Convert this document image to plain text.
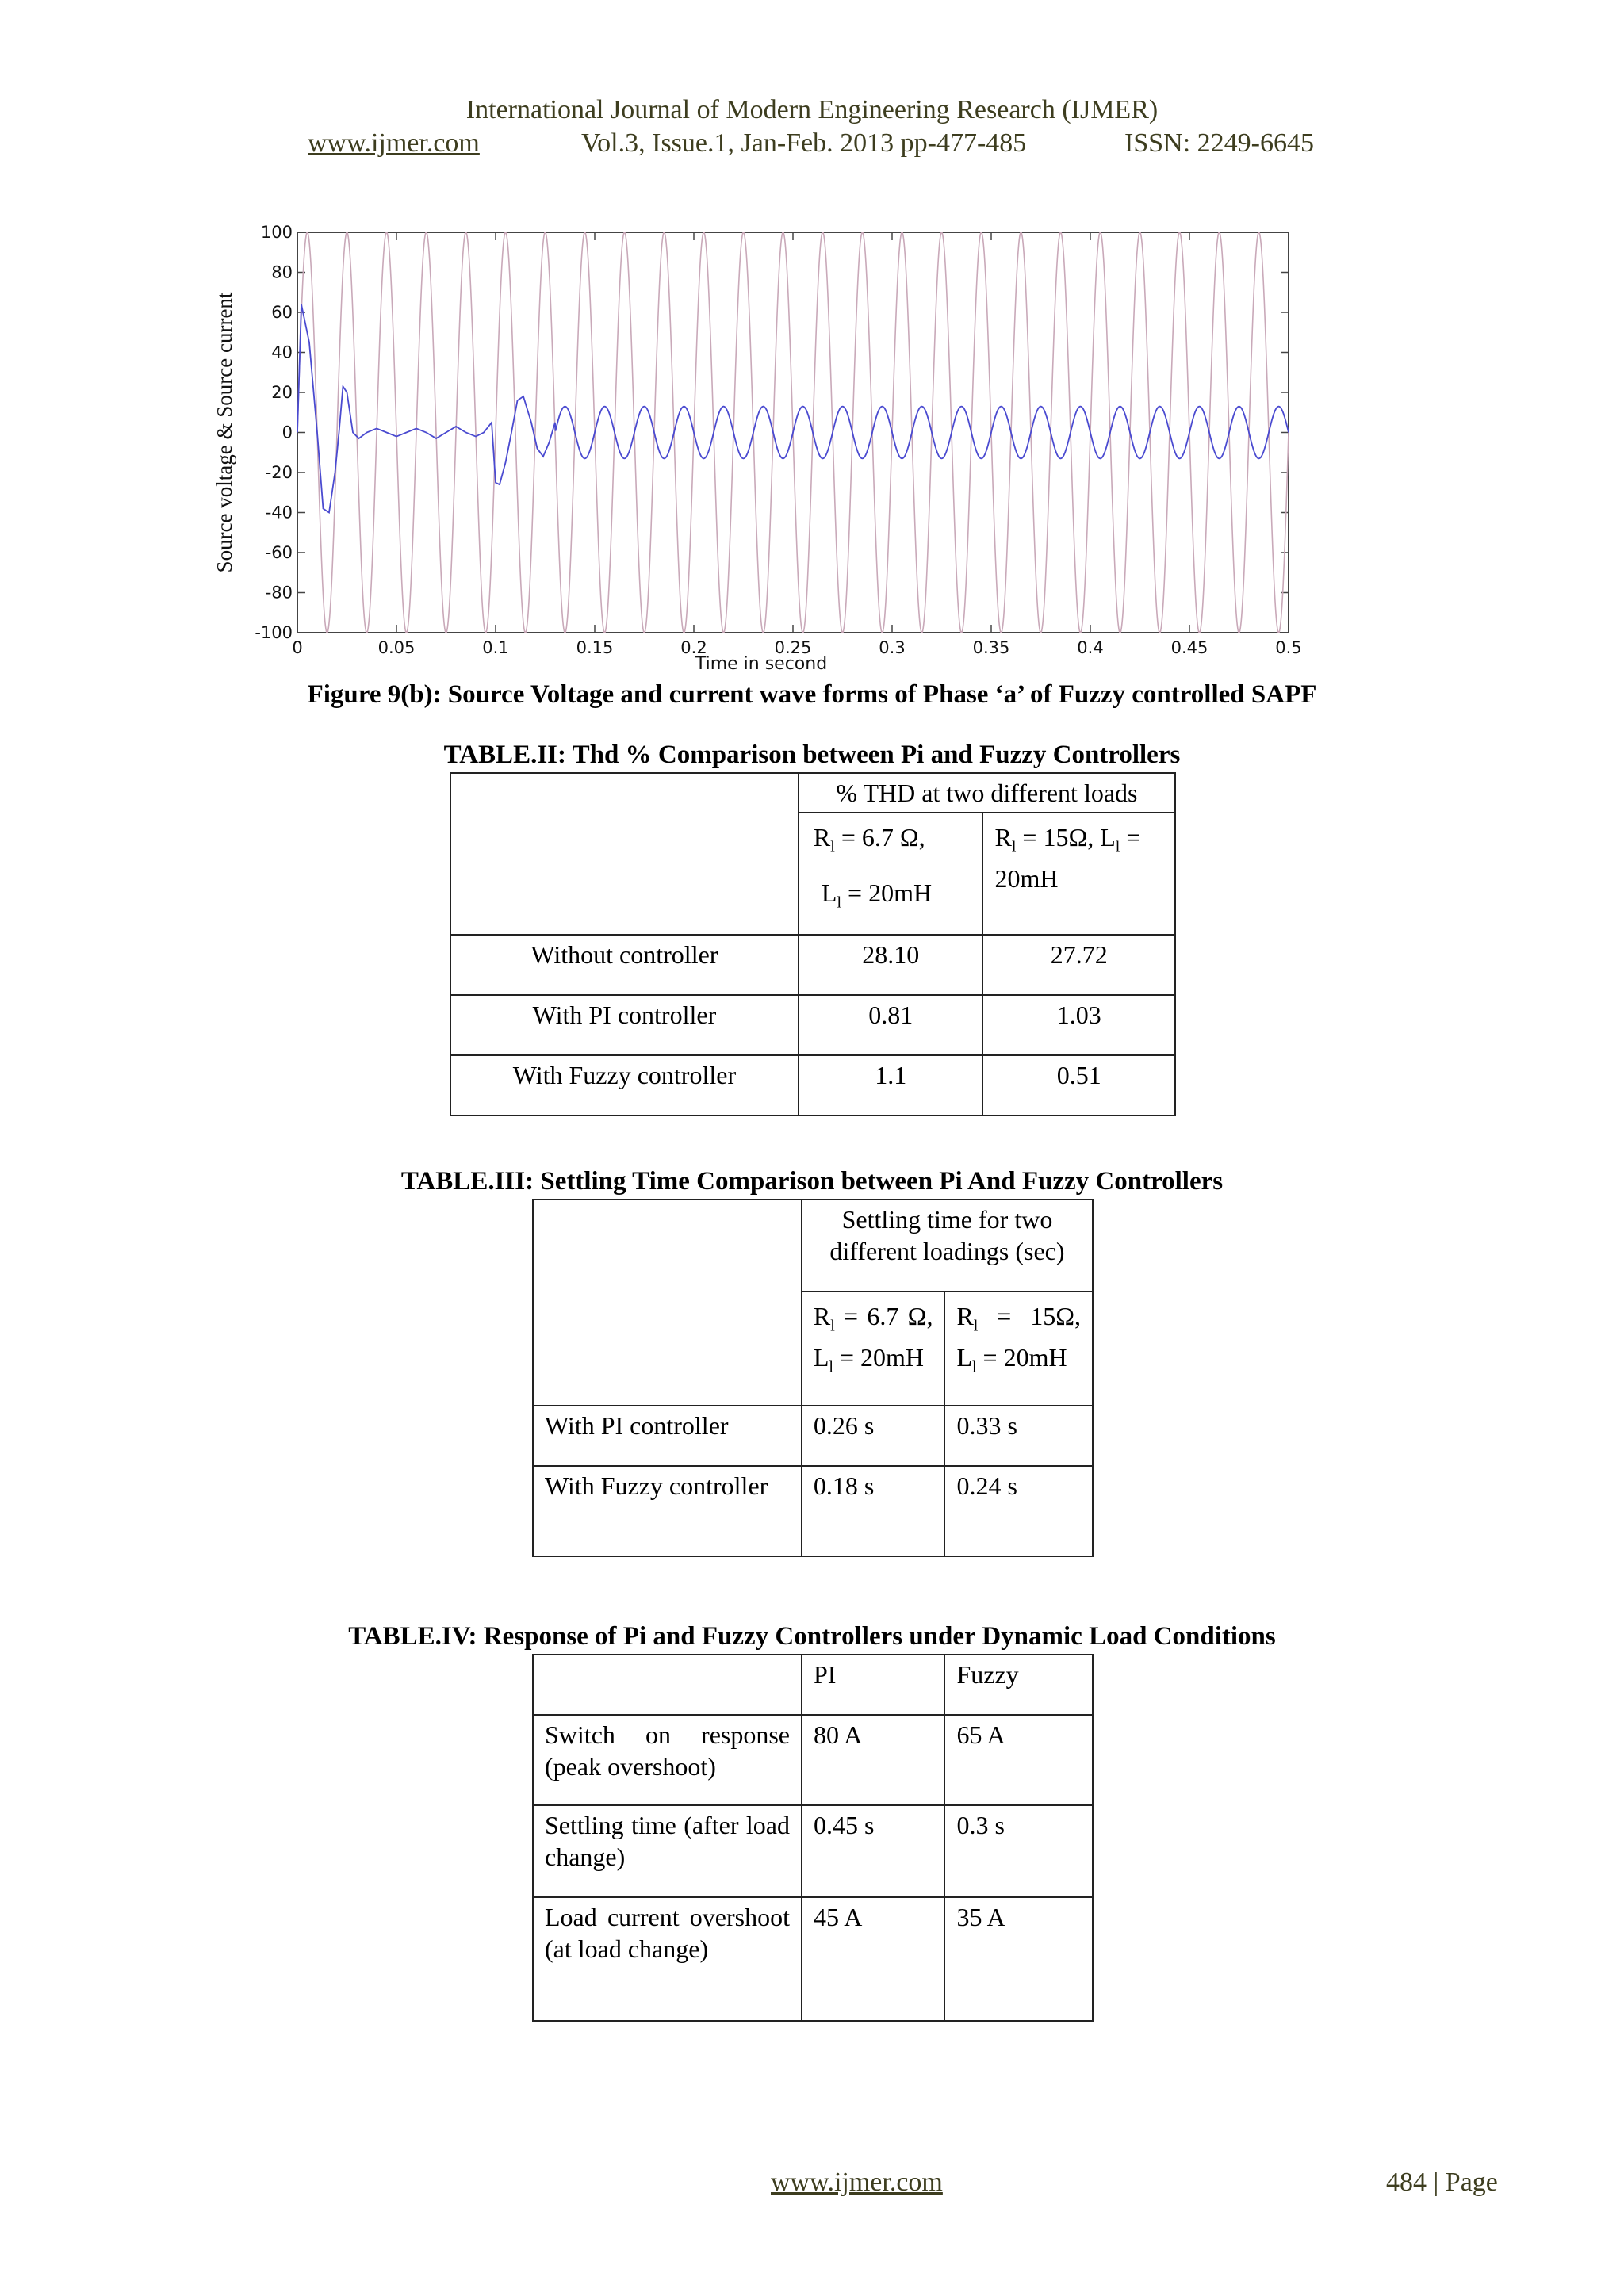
International Journal of Modern Engineering Research (IJMER)
www.ijmer.com	Vol.3, Issue.1, Jan-Feb. 2013 pp-477-485	ISSN: 2249-6645
100
80
60
40
20
0
-20
-40
-60
-80
-100
0	0.05	0.1	0.15	0.2	0.25	0.3	0.35	0.4	0.45	0.5
Time in second
Source voltage & Source current
Figure 9(b): Source Voltage and current wave forms of Phase ‘a’ of Fuzzy controlled SAPF
TABLE.II: Thd % Comparison between Pi and Fuzzy Controllers
	% THD at two different loads	

	$R_l = 6.7$ Ω,
$L_l = 20mH$	$R_l = 15\Omega$, $L_l = 20mH$
Without controller	28.10	27.72
With PI controller	0.81	1.03
With Fuzzy controller	1.1	0.51
TABLE.III: Settling Time Comparison between Pi And Fuzzy Controllers
	Settling time for two different loadings (sec)	
	$R_l = 6.7$ Ω, $L_l = 20mH$	$R_l = 15\Omega$, $L_l = 20mH$
With PI controller	0.26 s	0.33 s
With Fuzzy controller	0.18 s	0.24 s
TABLE.IV: Response of Pi and Fuzzy Controllers under Dynamic Load Conditions
	PI	Fuzzy
Switch on response (peak overshoot)	80 A	65 A
Settling time (after load change)	0.45 s	0.3 s
Load current overshoot (at load change)	45 A	35 A
www.ijmer.com	484 | Page
